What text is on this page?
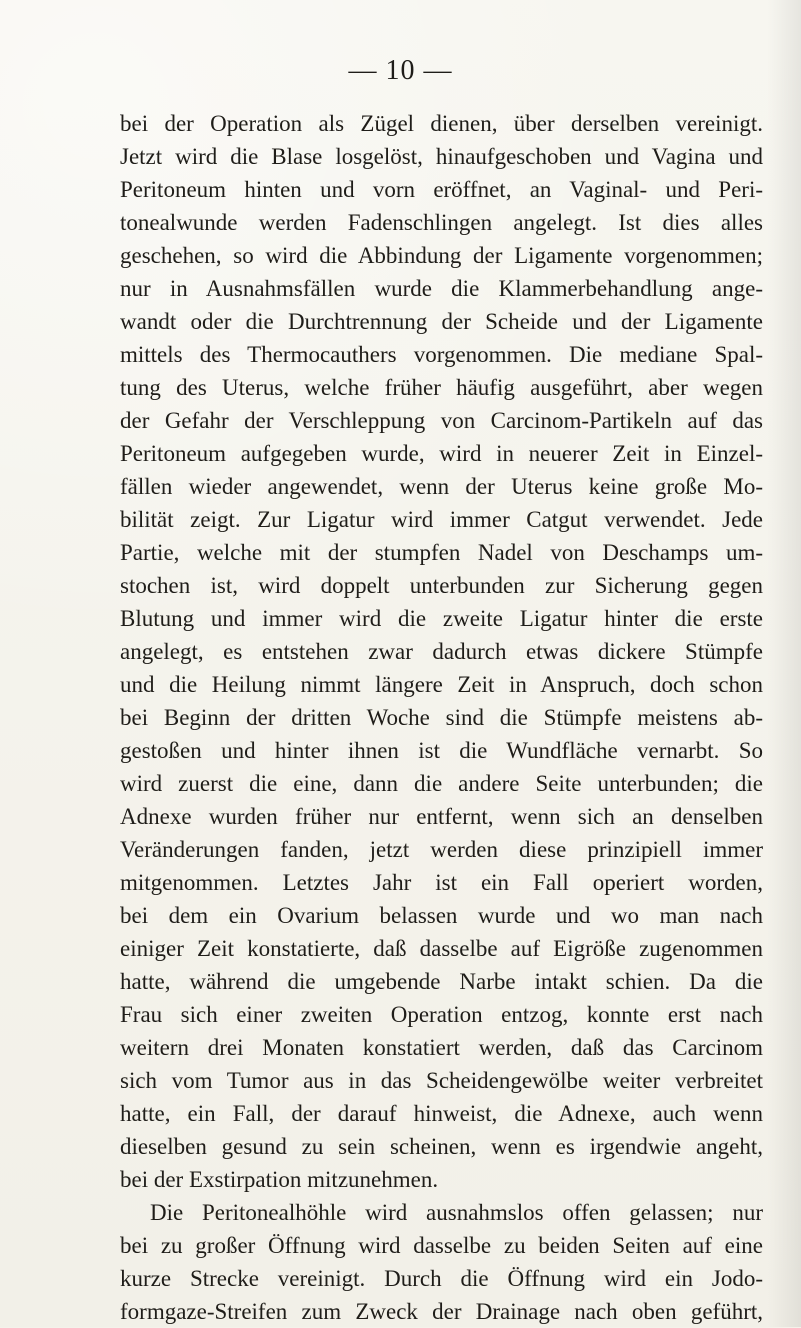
— 10 —
bei der Operation als Zügel dienen, über derselben vereinigt.
Jetzt wird die Blase losgelöst, hinaufgeschoben und Vagina und
Peritoneum hinten und vorn eröffnet, an Vaginal- und Peri-
tonealwunde werden Fadenschlingen angelegt. Ist dies alles
geschehen, so wird die Abbindung der Ligamente vorgenommen;
nur in Ausnahmsfällen wurde die Klammerbehandlung ange-
wandt oder die Durchtrennung der Scheide und der Ligamente
mittels des Thermocauthers vorgenommen. Die mediane Spal-
tung des Uterus, welche früher häufig ausgeführt, aber wegen
der Gefahr der Verschleppung von Carcinom-Partikeln auf das
Peritoneum aufgegeben wurde, wird in neuerer Zeit in Einzel-
fällen wieder angewendet, wenn der Uterus keine große Mo-
bilität zeigt. Zur Ligatur wird immer Catgut verwendet. Jede
Partie, welche mit der stumpfen Nadel von Deschamps um-
stochen ist, wird doppelt unterbunden zur Sicherung gegen
Blutung und immer wird die zweite Ligatur hinter die erste
angelegt, es entstehen zwar dadurch etwas dickere Stümpfe
und die Heilung nimmt längere Zeit in Anspruch, doch schon
bei Beginn der dritten Woche sind die Stümpfe meistens ab-
gestoßen und hinter ihnen ist die Wundfläche vernarbt. So
wird zuerst die eine, dann die andere Seite unterbunden; die
Adnexe wurden früher nur entfernt, wenn sich an denselben
Veränderungen fanden, jetzt werden diese prinzipiell immer
mitgenommen. Letztes Jahr ist ein Fall operiert worden,
bei dem ein Ovarium belassen wurde und wo man nach
einiger Zeit konstatierte, daß dasselbe auf Eigröße zugenommen
hatte, während die umgebende Narbe intakt schien. Da die
Frau sich einer zweiten Operation entzog, konnte erst nach
weitern drei Monaten konstatiert werden, daß das Carcinom
sich vom Tumor aus in das Scheidengewölbe weiter verbreitet
hatte, ein Fall, der darauf hinweist, die Adnexe, auch wenn
dieselben gesund zu sein scheinen, wenn es irgendwie angeht,
bei der Exstirpation mitzunehmen.
Die Peritonealhöhle wird ausnahmslos offen gelassen; nur
bei zu großer Öffnung wird dasselbe zu beiden Seiten auf eine
kurze Strecke vereinigt. Durch die Öffnung wird ein Jodo-
formgaze-Streifen zum Zweck der Drainage nach oben geführt,
